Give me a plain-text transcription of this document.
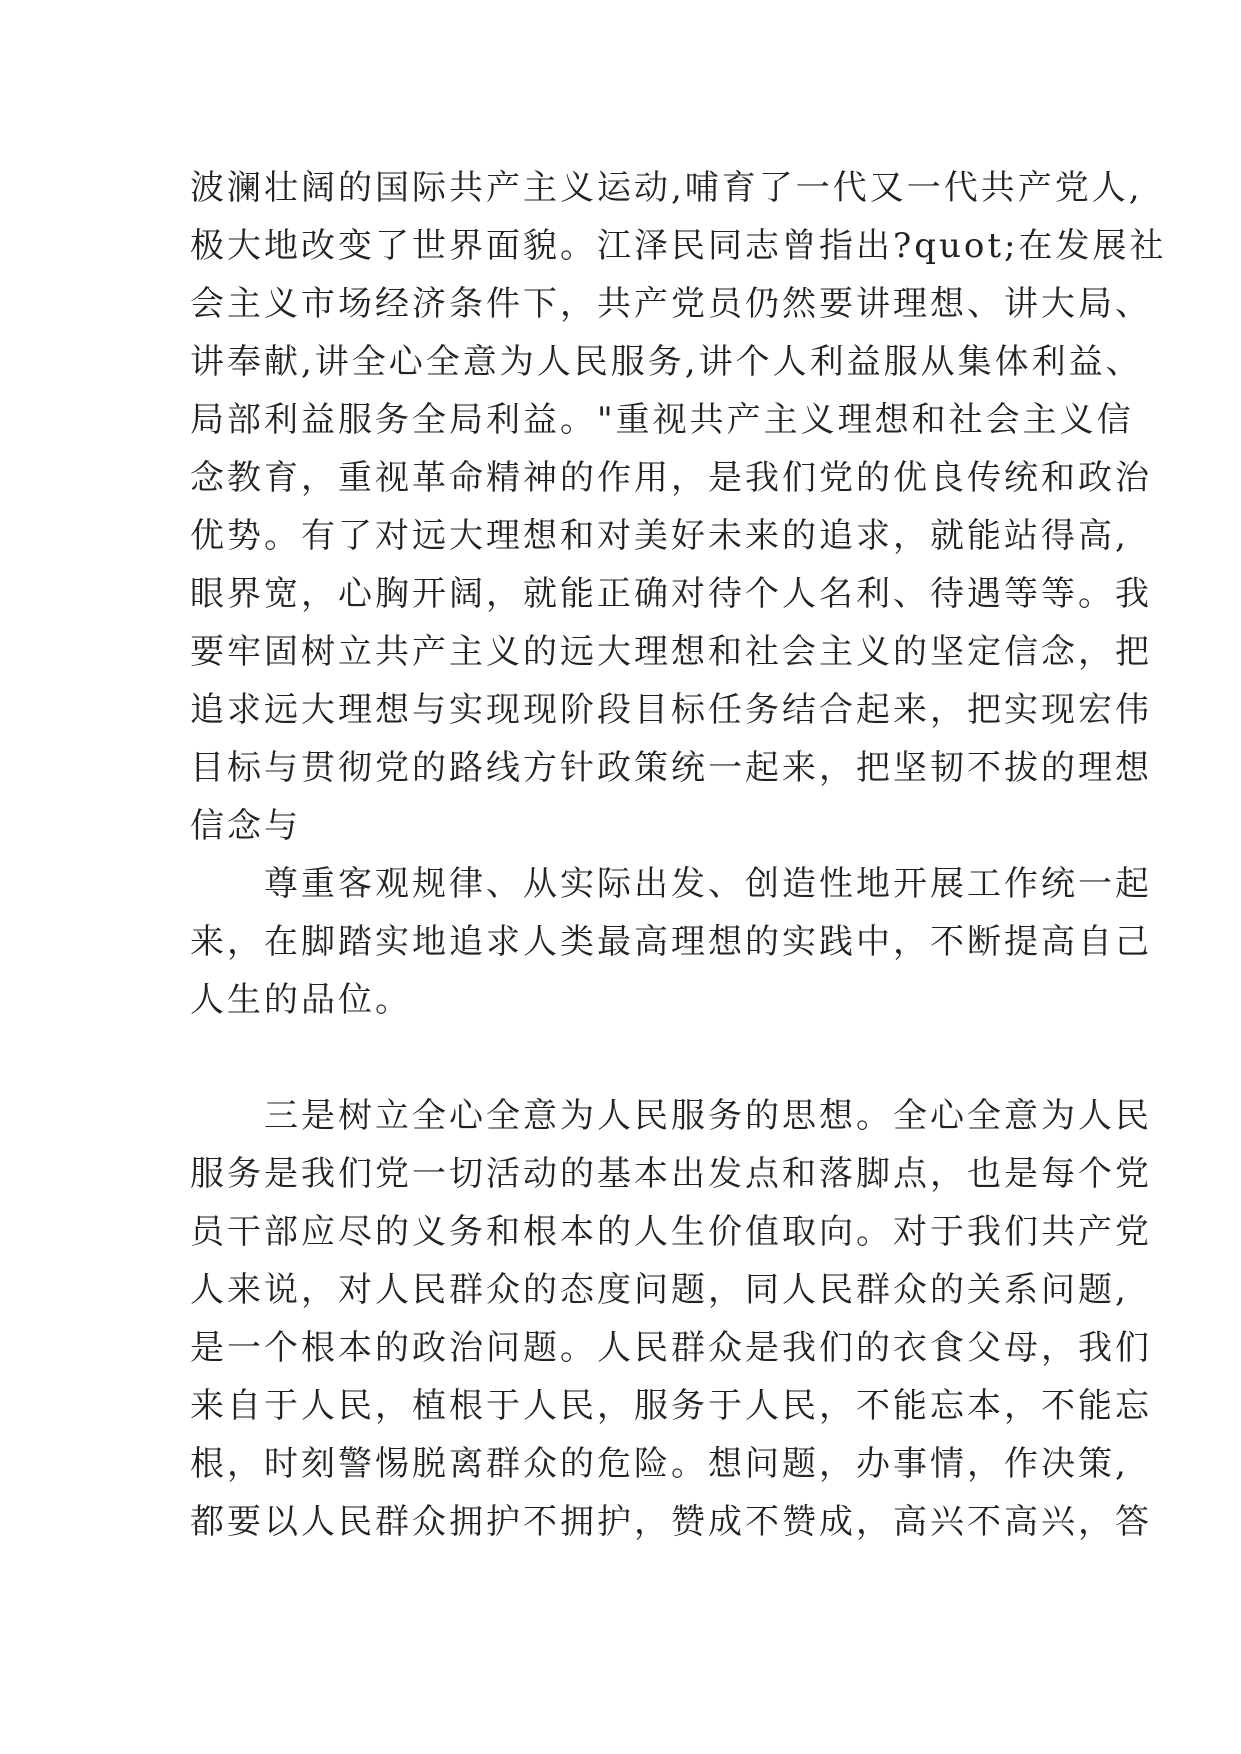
波澜壮阔的国际共产主义运动,哺育了一代又一代共产党人,
极大地改变了世界面貌。江泽民同志曾指出?quot;在发展社
会主义市场经济条件下，共产党员仍然要讲理想、讲大局、
讲奉献,讲全心全意为人民服务,讲个人利益服从集体利益、
局部利益服务全局利益。"重视共产主义理想和社会主义信
念教育，重视革命精神的作用，是我们党的优良传统和政治
优势。有了对远大理想和对美好未来的追求，就能站得高,
眼界宽，心胸开阔，就能正确对待个人名利、待遇等等。我
要牢固树立共产主义的远大理想和社会主义的坚定信念，把
追求远大理想与实现现阶段目标任务结合起来，把实现宏伟
目标与贯彻党的路线方针政策统一起来，把坚韧不拔的理想
信念与
　　尊重客观规律、从实际出发、创造性地开展工作统一起
来，在脚踏实地追求人类最高理想的实践中，不断提高自己
人生的品位。
　　三是树立全心全意为人民服务的思想。全心全意为人民
服务是我们党一切活动的基本出发点和落脚点，也是每个党
员干部应尽的义务和根本的人生价值取向。对于我们共产党
人来说，对人民群众的态度问题，同人民群众的关系问题,
是一个根本的政治问题。人民群众是我们的衣食父母，我们
来自于人民，植根于人民，服务于人民，不能忘本，不能忘
根，时刻警惕脱离群众的危险。想问题，办事情，作决策,
都要以人民群众拥护不拥护，赞成不赞成，高兴不高兴，答
